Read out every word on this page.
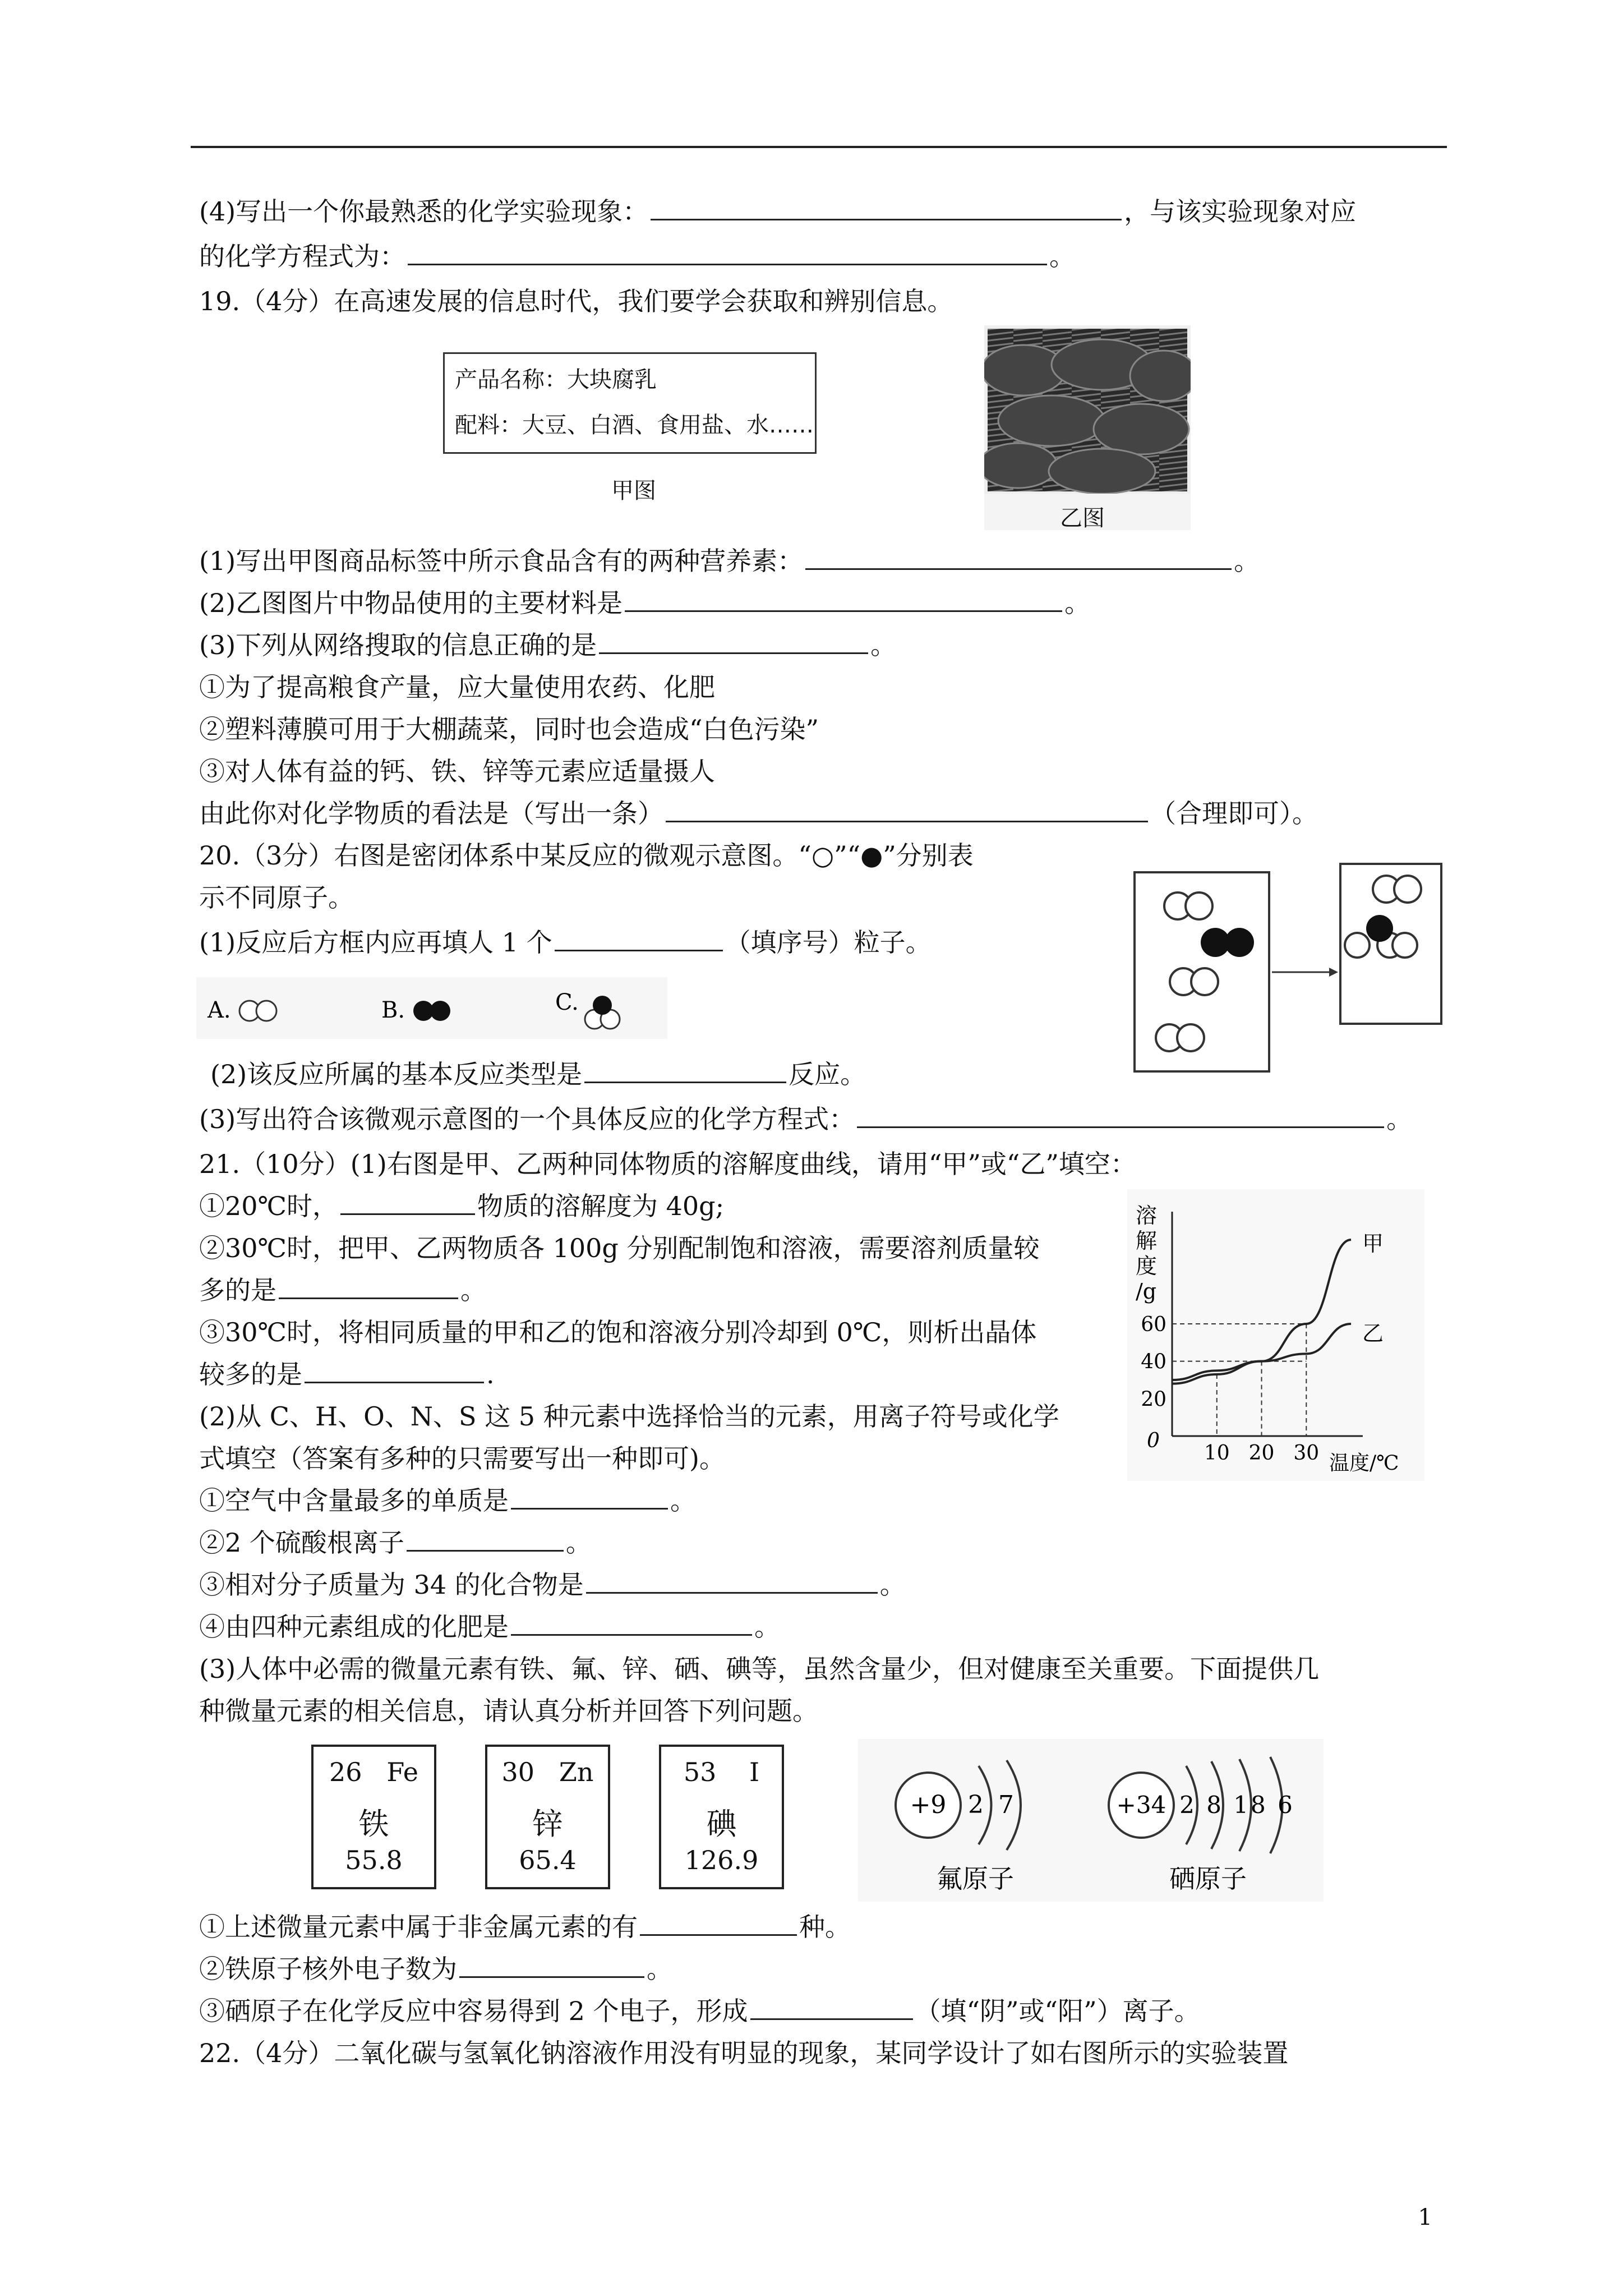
(4)写出一个你最熟悉的化学实验现象：	，与该实验现象对应
的化学方程式为：	。
19.（4分）在高速发展的信息时代，我们要学会获取和辨别信息。
产品名称：大块腐乳
配料：大豆、白酒、食用盐、水……
甲图
乙图
(1)写出甲图商品标签中所示食品含有的两种营养素：	。
(2)乙图图片中物品使用的主要材料是	。
(3)下列从网络搜取的信息正确的是	。
①为了提高粮食产量，应大量使用农药、化肥
②塑料薄膜可用于大棚蔬菜，同时也会造成“白色污染”
③对人体有益的钙、铁、锌等元素应适量摄人
由此你对化学物质的看法是（写出一条）	（合理即可）。
20.（3分）右图是密闭体系中某反应的微观示意图。“○”“●”分别表
示不同原子。
(1)反应后方框内应再填人 1 个	（填序号）粒子。
A.	B.	C.
(2)该反应所属的基本反应类型是	反应。
(3)写出符合该微观示意图的一个具体反应的化学方程式：	。
21.（10分）(1)右图是甲、乙两种同体物质的溶解度曲线，请用“甲”或“乙”填空：
①20℃时，	物质的溶解度为 40g;
②30℃时，把甲、乙两物质各 100g 分别配制饱和溶液，需要溶剂质量较
多的是	。
③30℃时，将相同质量的甲和乙的饱和溶液分别冷却到 0℃，则析出晶体
较多的是	.
(2)从 C、H、O、N、S 这 5 种元素中选择恰当的元素，用离子符号或化学
式填空（答案有多种的只需要写出一种即可)。
溶
解
度
/g
0
温度/℃
10 20 30
20
40
60
甲
乙
①空气中含量最多的单质是	。
②2 个硫酸根离子	。
③相对分子质量为 34 的化合物是	。
④由四种元素组成的化肥是	。
(3)人体中必需的微量元素有铁、氟、锌、硒、碘等，虽然含量少，但对健康至关重要。下面提供几
种微量元素的相关信息，请认真分析并回答下列问题。
26 Fe
铁
55.8
30 Zn
锌
65.4
53 I
碘
126.9
+9 2 7
氟原子
+34 2 8 18 6
硒原子
①上述微量元素中属于非金属元素的有	种。
②铁原子核外电子数为	。
③硒原子在化学反应中容易得到 2 个电子，形成	（填“阴”或“阳”）离子。
22.（4分）二氧化碳与氢氧化钠溶液作用没有明显的现象，某同学设计了如右图所示的实验装置
1
